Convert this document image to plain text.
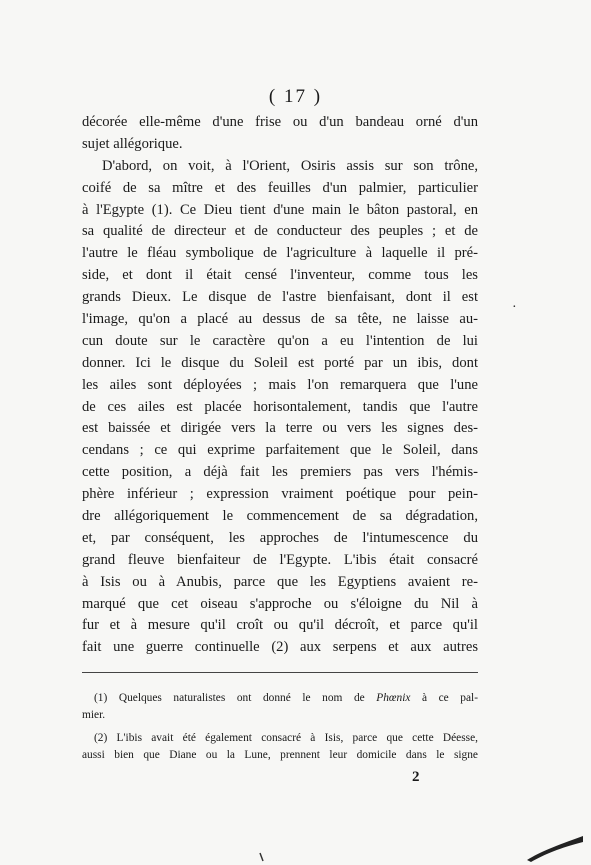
( 17 )
décorée elle-même d'une frise ou d'un bandeau orné d'un
sujet allégorique.
D'abord, on voit, à l'Orient, Osiris assis sur son trône,
coifé de sa mître et des feuilles d'un palmier, particulier
à l'Egypte (1). Ce Dieu tient d'une main le bâton pastoral, en
sa qualité de directeur et de conducteur des peuples ; et de
l'autre le fléau symbolique de l'agriculture à laquelle il pré-
side, et dont il était censé l'inventeur, comme tous les
grands Dieux. Le disque de l'astre bienfaisant, dont il est
l'image, qu'on a placé au dessus de sa tête, ne laisse au-
cun doute sur le caractère qu'on a eu l'intention de lui
donner. Ici le disque du Soleil est porté par un ibis, dont
les ailes sont déployées ; mais l'on remarquera que l'une
de ces ailes est placée horisontalement, tandis que l'autre
est baissée et dirigée vers la terre ou vers les signes des-
cendans ; ce qui exprime parfaitement que le Soleil, dans
cette position, a déjà fait les premiers pas vers l'hémis-
phère inférieur ; expression vraiment poétique pour pein-
dre allégoriquement le commencement de sa dégradation,
et, par conséquent, les approches de l'intumescence du
grand fleuve bienfaiteur de l'Egypte. L'ibis était consacré
à Isis ou à Anubis, parce que les Egyptiens avaient re-
marqué que cet oiseau s'approche ou s'éloigne du Nil à
fur et à mesure qu'il croît ou qu'il décroît, et parce qu'il
fait une guerre continuelle (2) aux serpens et aux autres
(1) Quelques naturalistes ont donné le nom de Phœnix à ce pal-
mier.
(2) L'ibis avait été également consacré à Isis, parce que cette Déesse,
aussi bien que Diane ou la Lune, prennent leur domicile dans le signe
2
·
